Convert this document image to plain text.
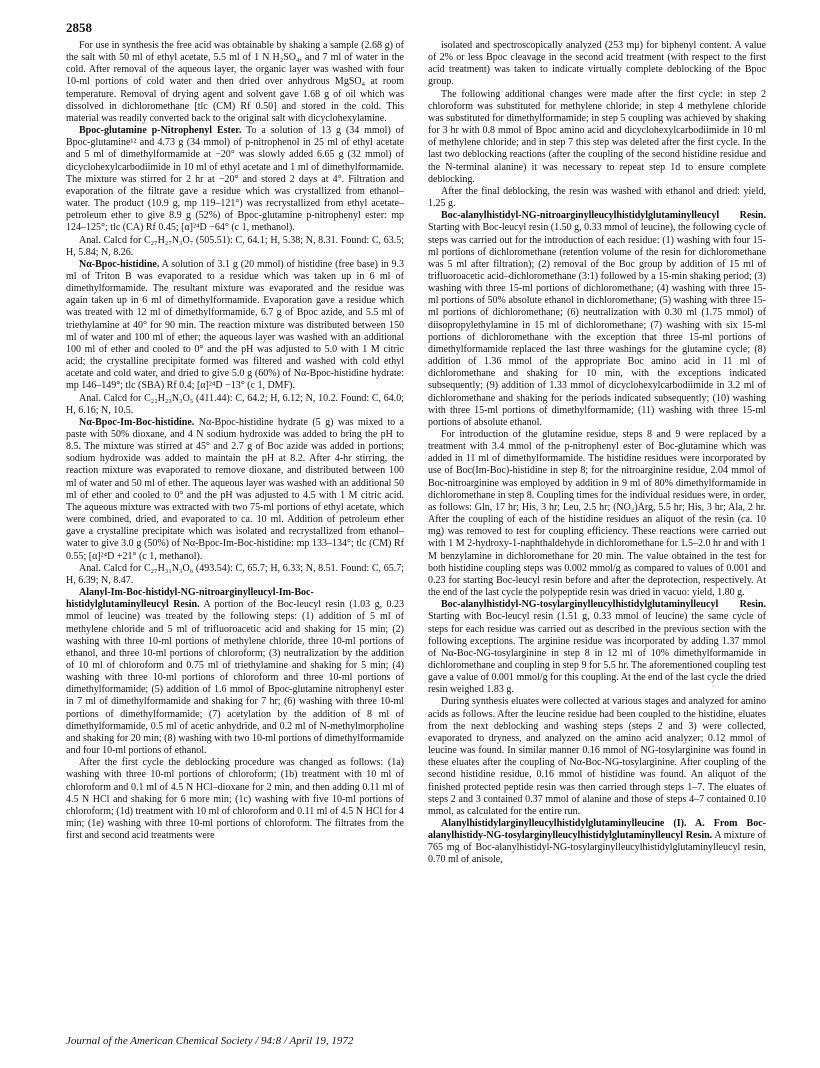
2858

For use in synthesis the free acid was obtainable by shaking a sample (2.68 g) of the salt with 50 ml of ethyl acetate, 5.5 ml of 1 N H₂SO₄, and 7 ml of water in the cold. After removal of the aqueous layer, the organic layer was washed with four 10-ml portions of cold water and then dried over anhydrous MgSO₄ at room temperature. Removal of drying agent and solvent gave 1.68 g of oil which was dissolved in dichloromethane [tlc (CM) Rf 0.50] and stored in the cold. This material was readily converted back to the original salt with dicyclohexylamine.

Bpoc-glutamine p-Nitrophenyl Ester. To a solution of 13 g (34 mmol) of Bpoc-glutamine¹² and 4.73 g (34 mmol) of p-nitrophenol in 25 ml of ethyl acetate and 5 ml of dimethylformamide at −20° was slowly added 6.65 g (32 mmol) of dicyclohexylcarbodiimide in 10 ml of ethyl acetate and 1 ml of dimethylformamide. The mixture was stirred for 2 hr at −20° and stored 2 days at 4°. Filtration and evaporation of the filtrate gave a residue which was crystallized from ethanol–water. The product (10.9 g, mp 119–121°) was recrystallized from ethyl acetate–petroleum ether to give 8.9 g (52%) of Bpoc-glutamine p-nitrophenyl ester: mp 124–125°; tlc (CA) Rf 0.45; [α]²⁴D −64° (c 1, methanol).

Anal. Calcd for C₂₇H₂₇N₃O₇ (505.51): C, 64.1; H, 5.38; N, 8.31. Found: C, 63.5; H, 5.84; N, 8.26.

Nα-Bpoc-histidine. A solution of 3.1 g (20 mmol) of histidine (free base) in 9.3 ml of Triton B was evaporated to a residue which was taken up in 6 ml of dimethylformamide. The resultant mixture was evaporated and the residue was again taken up in 6 ml of dimethylformamide. Evaporation gave a residue which was treated with 12 ml of dimethylformamide, 6.7 g of Bpoc azide, and 5.5 ml of triethylamine at 40° for 90 min. The reaction mixture was distributed between 150 ml of water and 100 ml of ether; the aqueous layer was washed with an additional 100 ml of ether and cooled to 0° and the pH was adjusted to 5.0 with 1 M citric acid; the crystalline precipitate formed was filtered and washed with cold ethyl acetate and cold water, and dried to give 5.0 g (60%) of Nα-Bpoc-histidine hydrate: mp 146–149°; tlc (SBA) Rf 0.4; [α]²⁴D −13° (c 1, DMF).

Anal. Calcd for C₂₂H₂₃N₃O₅ (411.44): C, 64.2; H, 6.12; N, 10.2. Found: C, 64.0; H, 6.16; N, 10.5.

Nα-Bpoc-Im-Boc-histidine. Nα-Bpoc-histidine hydrate (5 g) was mixed to a paste with 50% dioxane, and 4 N sodium hydroxide was added to bring the pH to 8.5. The mixture was stirred at 45° and 2.7 g of Boc azide was added in portions; sodium hydroxide was added to maintain the pH at 8.2. After 4-hr stirring, the reaction mixture was evaporated to remove dioxane, and distributed between 100 ml of water and 50 ml of ether. The aqueous layer was washed with an additional 50 ml of ether and cooled to 0° and the pH was adjusted to 4.5 with 1 M citric acid. The aqueous mixture was extracted with two 75-ml portions of ethyl acetate, which were combined, dried, and evaporated to ca. 10 ml. Addition of petroleum ether gave a crystalline precipitate which was isolated and recrystallized from ethanol–water to give 3.0 g (50%) of Nα-Bpoc-Im-Boc-histidine: mp 133–134°; tlc (CM) Rf 0.55; [α]²⁴D +21° (c 1, methanol).

Anal. Calcd for C₂₇H₃₁N₃O₆ (493.54): C, 65.7; H, 6.33; N, 8.51. Found: C, 65.7; H, 6.39; N, 8.47.

Alanyl-Im-Boc-histidyl-NG-nitroarginylleucyl-Im-Boc-histidylglutaminylleucyl Resin. A portion of the Boc-leucyl resin (1.03 g, 0.23 mmol of leucine) was treated by the following steps: (1) addition of 5 ml of methylene chloride and 5 ml of trifluoroacetic acid and shaking for 15 min; (2) washing with three 10-ml portions of methylene chloride, three 10-ml portions of ethanol, and three 10-ml portions of chloroform; (3) neutralization by the addition of 10 ml of chloroform and 0.75 ml of triethylamine and shaking for 5 min; (4) washing with three 10-ml portions of chloroform and three 10-ml portions of dimethylformamide; (5) addition of 1.6 mmol of Bpoc-glutamine nitrophenyl ester in 7 ml of dimethylformamide and shaking for 7 hr; (6) washing with three 10-ml portions of dimethylformamide; (7) acetylation by the addition of 8 ml of dimethylformamide, 0.5 ml of acetic anhydride, and 0.2 ml of N-methylmorpholine and shaking for 20 min; (8) washing with two 10-ml portions of dimethylformamide and four 10-ml portions of ethanol.

After the first cycle the deblocking procedure was changed as follows: (1a) washing with three 10-ml portions of chloroform; (1b) treatment with 10 ml of chloroform and 0.1 ml of 4.5 N HCl–dioxane for 2 min, and then adding 0.11 ml of 4.5 N HCl and shaking for 6 more min; (1c) washing with five 10-ml portions of chloroform; (1d) treatment with 10 ml of chloroform and 0.11 ml of 4.5 N HCl for 4 min; (1e) washing with three 10-ml portions of chloroform. The filtrates from the first and second acid treatments were

isolated and spectroscopically analyzed (253 mμ) for biphenyl content. A value of 2% or less Bpoc cleavage in the second acid treatment (with respect to the first acid treatment) was taken to indicate virtually complete deblocking of the Bpoc group.

The following additional changes were made after the first cycle: in step 2 chloroform was substituted for methylene chloride; in step 4 methylene chloride was substituted for dimethylformamide; in step 5 coupling was achieved by shaking for 3 hr with 0.8 mmol of Bpoc amino acid and dicyclohexylcarbodiimide in 10 ml of methylene chloride; and in step 7 this step was deleted after the first cycle. In the last two deblocking reactions (after the coupling of the second histidine residue and the N-terminal alanine) it was necessary to repeat step 1d to ensure complete deblocking.

After the final deblocking, the resin was washed with ethanol and dried: yield, 1.25 g.

Boc-alanylhistidyl-NG-nitroarginylleucylhistidylglutaminylleucyl Resin. Starting with Boc-leucyl resin (1.50 g, 0.33 mmol of leucine), the following cycle of steps was carried out for the introduction of each residue: (1) washing with four 15-ml portions of dichloromethane (retention volume of the resin for dichloromethane was 5 ml after filtration); (2) removal of the Boc group by addition of 15 ml of trifluoroacetic acid–dichloromethane (3:1) followed by a 15-min shaking period; (3) washing with three 15-ml portions of dichloromethane; (4) washing with three 15-ml portions of 50% absolute ethanol in dichloromethane; (5) washing with three 15-ml portions of dichloromethane; (6) neutralization with 0.30 ml (1.75 mmol) of diisopropylethylamine in 15 ml of dichloromethane; (7) washing with six 15-ml portions of dichloromethane with the exception that three 15-ml portions of dimethylformamide replaced the last three washings for the glutamine cycle; (8) addition of 1.36 mmol of the appropriate Boc amino acid in 11 ml of dichloromethane and shaking for 10 min, with the exceptions indicated subsequently; (9) addition of 1.33 mmol of dicyclohexylcarbodiimide in 3.2 ml of dichloromethane and shaking for the periods indicated subsequently; (10) washing with three 15-ml portions of dimethylformamide; (11) washing with three 15-ml portions of absolute ethanol.

For introduction of the glutamine residue, steps 8 and 9 were replaced by a treatment with 3.4 mmol of the p-nitrophenyl ester of Boc-glutamine which was added in 11 ml of dimethylformamide. The histidine residues were incorporated by use of Boc(Im-Boc)-histidine in step 8; for the nitroarginine residue, 2.04 mmol of Boc-nitroarginine was employed by addition in 9 ml of 80% dimethylformamide in dichloromethane in step 8. Coupling times for the individual residues were, in order, as follows: Gln, 17 hr; His, 3 hr; Leu, 2.5 hr; (NO₂)Arg, 5.5 hr; His, 3 hr; Ala, 2 hr. After the coupling of each of the histidine residues an aliquot of the resin (ca. 10 mg) was removed to test for coupling efficiency. These reactions were carried out with 1 M 2-hydroxy-1-naphthaldehyde in dichloromethane for 1.5–2.0 hr and with 1 M benzylamine in dichloromethane for 20 min. The value obtained in the test for both histidine coupling steps was 0.002 mmol/g as compared to values of 0.001 and 0.23 for starting Boc-leucyl resin before and after the deprotection, respectively. At the end of the last cycle the polypeptide resin was dried in vacuo: yield, 1.80 g.

Boc-alanylhistidyl-NG-tosylarginylleucylhistidylglutaminylleucyl Resin. Starting with Boc-leucyl resin (1.51 g, 0.33 mmol of leucine) the same cycle of steps for each residue was carried out as described in the previous section with the following exceptions. The arginine residue was incorporated by adding 1.37 mmol of Nα-Boc-NG-tosylarginine in step 8 in 12 ml of 10% dimethylformamide in dichloromethane and coupling in step 9 for 5.5 hr. The aforementioned coupling test gave a value of 0.001 mmol/g for this coupling. At the end of the last cycle the dried resin weighed 1.83 g.

During synthesis eluates were collected at various stages and analyzed for amino acids as follows. After the leucine residue had been coupled to the histidine, eluates from the next deblocking and washing steps (steps 2 and 3) were collected, evaporated to dryness, and analyzed on the amino acid analyzer; 0.12 mmol of leucine was found. In similar manner 0.16 mmol of NG-tosylarginine was found in these eluates after the coupling of Nα-Boc-NG-tosylarginine. After coupling of the second histidine residue, 0.16 mmol of histidine was found. An aliquot of the finished protected peptide resin was then carried through steps 1–7. The eluates of steps 2 and 3 contained 0.37 mmol of alanine and those of steps 4–7 contained 0.10 mmol, as calculated for the entire run.

Alanylhistidylarginylleucylhistidylglutaminylleucine (I). A. From Boc-alanylhistidy-NG-tosylarginylleucylhistidylglutaminylleucyl Resin. A mixture of 765 mg of Boc-alanylhistidyl-NG-tosylarginylleucylhistidylglutaminylleucyl resin, 0.70 ml of anisole,

Journal of the American Chemical Society / 94:8 / April 19, 1972
